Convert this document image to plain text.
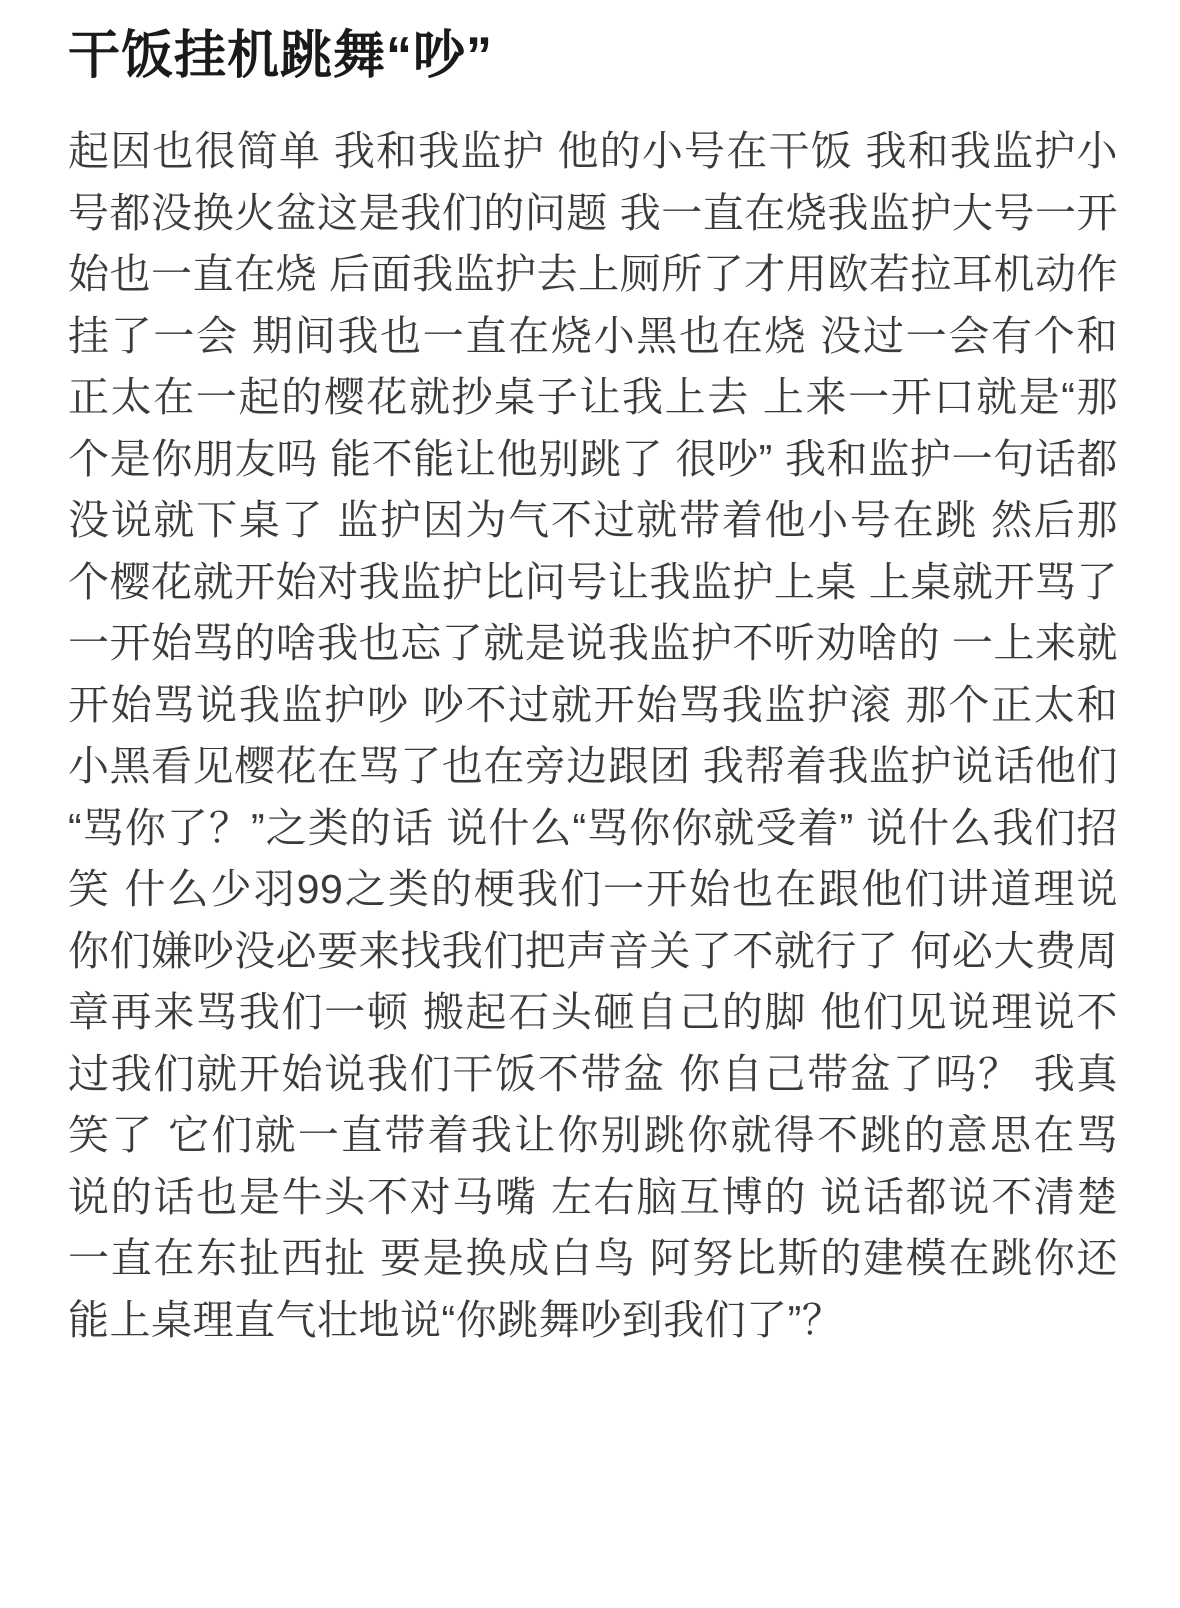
干饭挂机跳舞“吵”
起因也很简单 我和我监护 他的小号在干饭 我和我监护小号都没换火盆这是我们的问题 我一直在烧我监护大号一开始也一直在烧 后面我监护去上厕所了才用欧若拉耳机动作挂了一会 期间我也一直在烧小黑也在烧 没过一会有个和正太在一起的樱花就抄桌子让我上去 上来一开口就是“那个是你朋友吗 能不能让他别跳了 很吵” 我和监护一句话都没说就下桌了 监护因为气不过就带着他小号在跳 然后那个樱花就开始对我监护比问号让我监护上桌 上桌就开骂了 一开始骂的啥我也忘了就是说我监护不听劝啥的 一上来就开始骂说我监护吵 吵不过就开始骂我监护滚 那个正太和小黑看见樱花在骂了也在旁边跟团 我帮着我监护说话他们“骂你了？”之类的话 说什么“骂你你就受着” 说什么我们招笑 什么少羽99之类的梗我们一开始也在跟他们讲道理说你们嫌吵没必要来找我们把声音关了不就行了 何必大费周章再来骂我们一顿 搬起石头砸自己的脚 他们见说理说不过我们就开始说我们干饭不带盆 你自己带盆了吗？ 我真笑了 它们就一直带着我让你别跳你就得不跳的意思在骂 说的话也是牛头不对马嘴 左右脑互博的 说话都说不清楚 一直在东扯西扯 要是换成白鸟 阿努比斯的建模在跳你还能上桌理直气壮地说“你跳舞吵到我们了”？
